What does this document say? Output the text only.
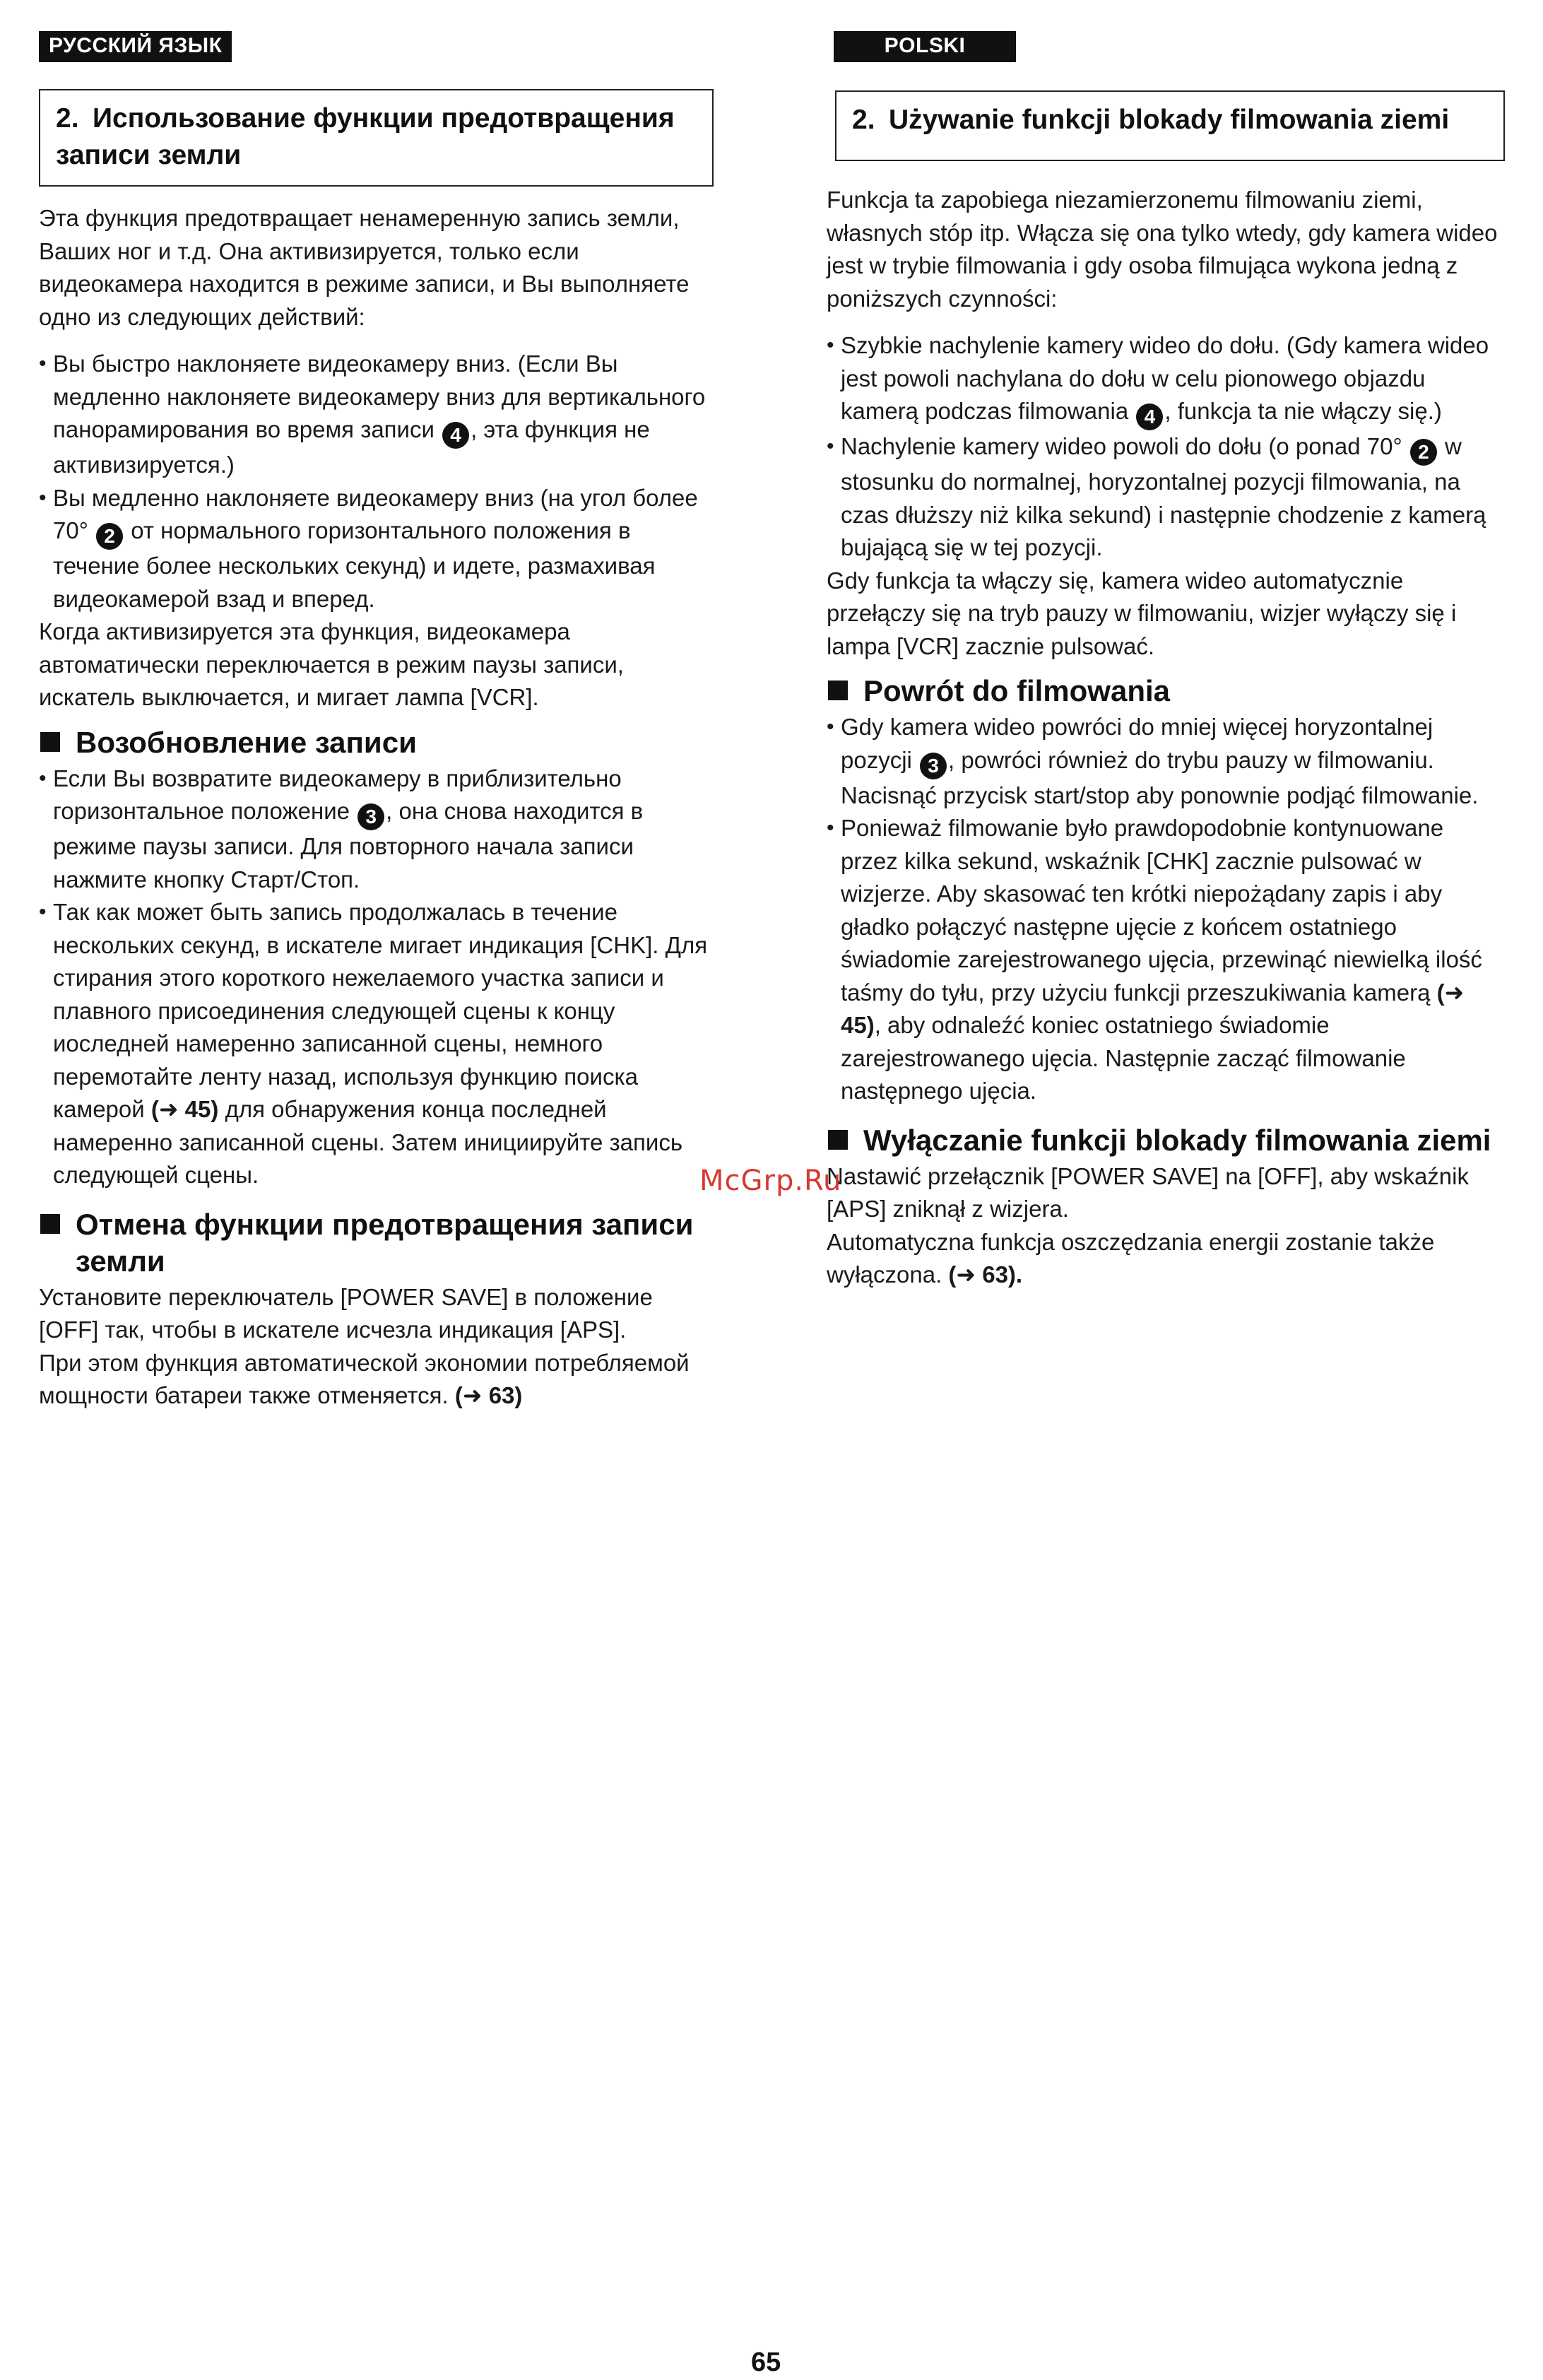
РУССКИЙ ЯЗЫК
2. Использование функции предотвращения записи земли

Эта функция предотвращает ненамеренную запись земли, Ваших ног и т.д. Она активизируется, только если видеокамера находится в режиме записи, и Вы выполняете одно из следующих действий:

• Вы быстро наклоняете видеокамеру вниз. (Если Вы медленно наклоняете видеокамеру вниз для вертикального панорамирования во время записи 4 , эта функция не активизируется.)
• Вы медленно наклоняете видеокамеру вниз (на угол более 70° 2 от нормального горизонтального положения в течение более нескольких секунд) и идете, размахивая видеокамерой взад и вперед.

Когда активизируется эта функция, видеокамера автоматически переключается в режим паузы записи, искатель выключается, и мигает лампа [VCR].

Возобновление записи
• Если Вы возвратите видеокамеру в приблизительно горизонтальное положение 3 , она снова находится в режиме паузы записи. Для повторного начала записи нажмите кнопку Старт/Стоп.
• Так как может быть запись продолжалась в течение нескольких секунд, в искателе мигает индикация [CHK]. Для стирания этого короткого нежелаемого участка записи и плавного присоединения следующей сцены к концу иоследней намеренно записанной сцены, немного перемотайте ленту назад, используя функцию поиска камерой (➜ 45) для обнаружения конца последней намеренно записанной сцены. Затем инициируйте запись следующей сцены.
Отмена функции предотвращения записи земли

Установите переключатель [POWER SAVE] в положение [OFF] так, чтобы в искателе исчезла индикация [APS].

При этом функция автоматической экономии потребляемой мощности батареи также отменяется. (➜ 63)

POLSKI
2. Używanie funkcji blokady filmowania ziemi

Funkcja ta zapobiega niezamierzonemu filmowaniu ziemi, własnych stóp itp. Włącza się ona tylko wtedy, gdy kamera wideo jest w trybie filmowania i gdy osoba filmująca wykona jedną z poniższych czynności:

• Szybkie nachylenie kamery wideo do dołu. (Gdy kamera wideo jest powoli nachylana do dołu w celu pionowego objazdu kamerą podczas filmowania 4 , funkcja ta nie włączy się.)
• Nachylenie kamery wideo powoli do dołu (o ponad 70° 2 w stosunku do normalnej, horyzontalnej pozycji filmowania, na czas dłuższy niż kilka sekund) i następnie chodzenie z kamerą bujającą się w tej pozycji.

Gdy funkcja ta włączy się, kamera wideo automatycznie przełączy się na tryb pauzy w filmowaniu, wizjer wyłączy się i lampa [VCR] zacznie pulsować.

Powrót do filmowania
• Gdy kamera wideo powróci do mniej więcej horyzontalnej pozycji 3 , powróci również do trybu pauzy w filmowaniu. Nacisnąć przycisk start/stop aby ponownie podjąć filmowanie.
• Ponieważ filmowanie było prawdopodobnie kontynuowane przez kilka sekund, wskaźnik [CHK] zacznie pulsować w wizjerze. Aby skasować ten krótki niepożądany zapis i aby gładko połączyć następne ujęcie z końcem ostatniego świadomie zarejestrowanego ujęcia, przewinąć niewielką ilość taśmy do tyłu, przy użyciu funkcji przeszukiwania kamerą (➜ 45), aby odnaleźć koniec ostatniego świadomie zarejestrowanego ujęcia. Następnie zacząć filmowanie następnego ujęcia.
Wyłączanie funkcji blokady filmowania ziemi

Nastawić przełącznik [POWER SAVE] na [OFF], aby wskaźnik [APS] zniknął z wizjera.

Automatyczna funkcja oszczędzania energii zostanie także wyłączona. (➜ 63).

McGrp.Ru
65
